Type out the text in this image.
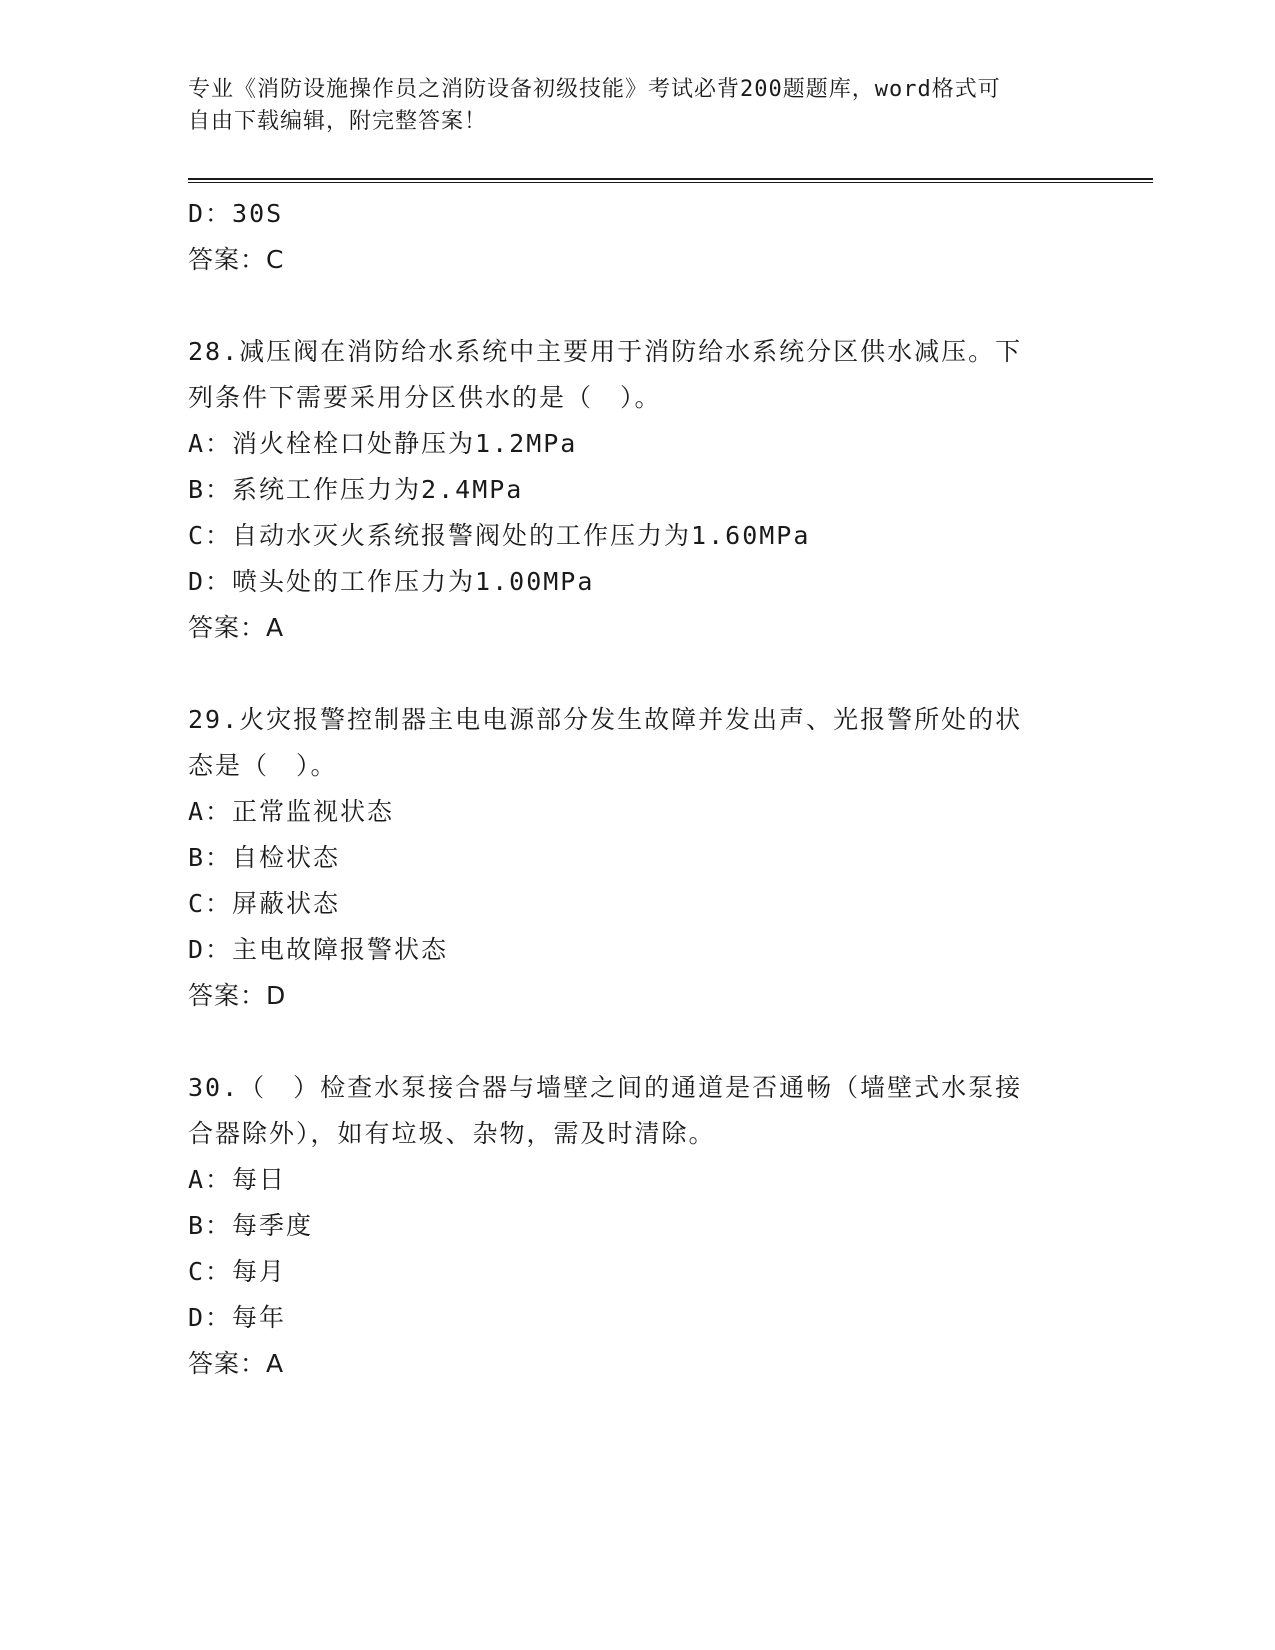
专业《消防设施操作员之消防设备初级技能》考试必背200题题库，word格式可
自由下载编辑，附完整答案！
D：30S
答案：C
28.减压阀在消防给水系统中主要用于消防给水系统分区供水减压。下
列条件下需要采用分区供水的是（　）。
A：消火栓栓口处静压为1.2MPa
B：系统工作压力为2.4MPa
C：自动水灭火系统报警阀处的工作压力为1.60MPa
D：喷头处的工作压力为1.00MPa
答案：A
29.火灾报警控制器主电电源部分发生故障并发出声、光报警所处的状
态是（　）。
A：正常监视状态
B：自检状态
C：屏蔽状态
D：主电故障报警状态
答案：D
30.（　）检查水泵接合器与墙壁之间的通道是否通畅（墙壁式水泵接
合器除外），如有垃圾、杂物，需及时清除。
A：每日
B：每季度
C：每月
D：每年
答案：A
